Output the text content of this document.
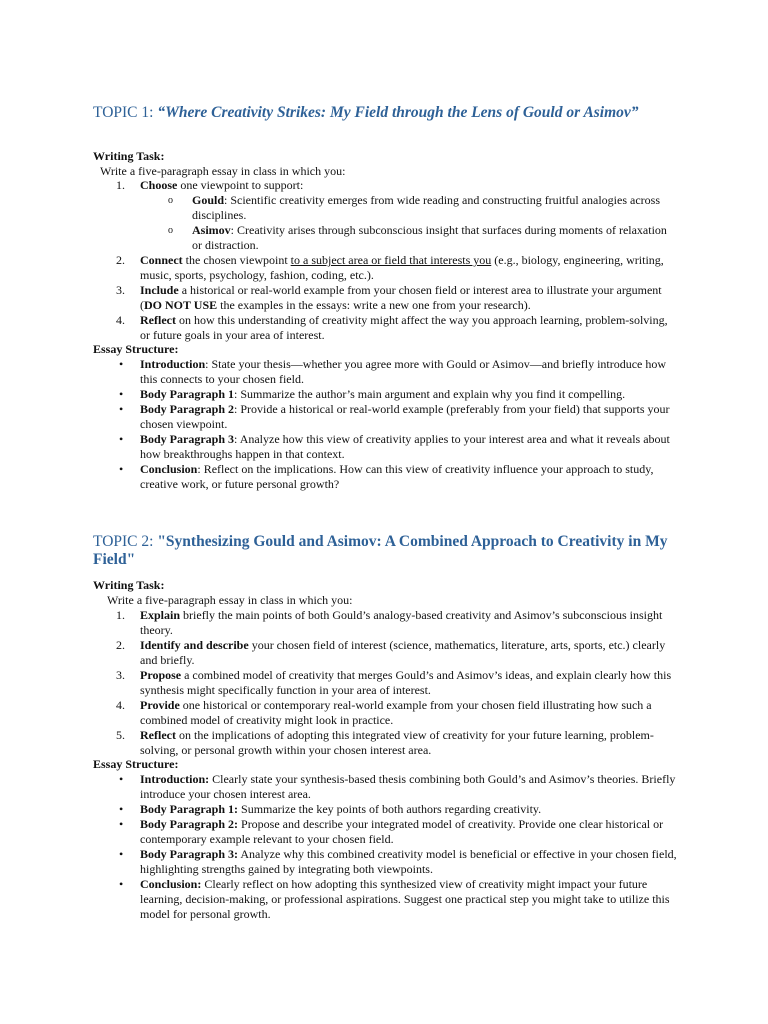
TOPIC 1: “Where Creativity Strikes: My Field through the Lens of Gould or Asimov”
Writing Task:
Write a five-paragraph essay in class in which you:
1. Choose one viewpoint to support:
o Gould: Scientific creativity emerges from wide reading and constructing fruitful analogies across disciplines.
o Asimov: Creativity arises through subconscious insight that surfaces during moments of relaxation or distraction.
2. Connect the chosen viewpoint to a subject area or field that interests you (e.g., biology, engineering, writing, music, sports, psychology, fashion, coding, etc.).
3. Include a historical or real-world example from your chosen field or interest area to illustrate your argument (DO NOT USE the examples in the essays: write a new one from your research).
4. Reflect on how this understanding of creativity might affect the way you approach learning, problem-solving, or future goals in your area of interest.
Essay Structure:
• Introduction: State your thesis—whether you agree more with Gould or Asimov—and briefly introduce how this connects to your chosen field.
• Body Paragraph 1: Summarize the author’s main argument and explain why you find it compelling.
• Body Paragraph 2: Provide a historical or real-world example (preferably from your field) that supports your chosen viewpoint.
• Body Paragraph 3: Analyze how this view of creativity applies to your interest area and what it reveals about how breakthroughs happen in that context.
• Conclusion: Reflect on the implications. How can this view of creativity influence your approach to study, creative work, or future personal growth?
TOPIC 2: "Synthesizing Gould and Asimov: A Combined Approach to Creativity in My Field"
Writing Task:
Write a five-paragraph essay in class in which you:
1. Explain briefly the main points of both Gould’s analogy-based creativity and Asimov’s subconscious insight theory.
2. Identify and describe your chosen field of interest (science, mathematics, literature, arts, sports, etc.) clearly and briefly.
3. Propose a combined model of creativity that merges Gould’s and Asimov’s ideas, and explain clearly how this synthesis might specifically function in your area of interest.
4. Provide one historical or contemporary real-world example from your chosen field illustrating how such a combined model of creativity might look in practice.
5. Reflect on the implications of adopting this integrated view of creativity for your future learning, problem-solving, or personal growth within your chosen interest area.
Essay Structure:
• Introduction: Clearly state your synthesis-based thesis combining both Gould’s and Asimov’s theories. Briefly introduce your chosen interest area.
• Body Paragraph 1: Summarize the key points of both authors regarding creativity.
• Body Paragraph 2: Propose and describe your integrated model of creativity. Provide one clear historical or contemporary example relevant to your chosen field.
• Body Paragraph 3: Analyze why this combined creativity model is beneficial or effective in your chosen field, highlighting strengths gained by integrating both viewpoints.
• Conclusion: Clearly reflect on how adopting this synthesized view of creativity might impact your future learning, decision-making, or professional aspirations. Suggest one practical step you might take to utilize this model for personal growth.
